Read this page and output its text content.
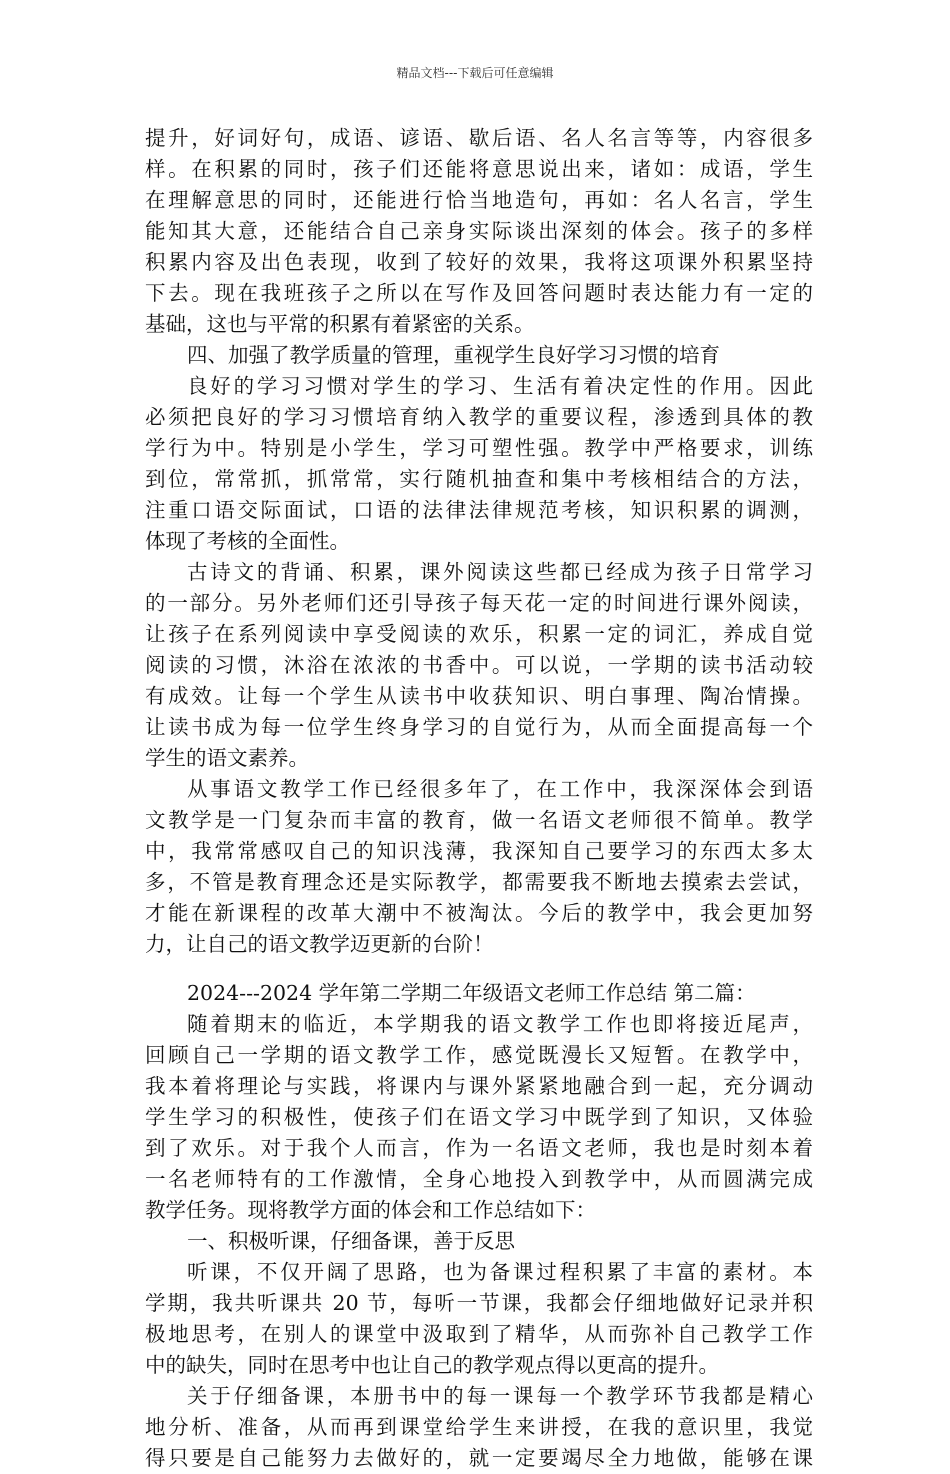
精品文档---下载后可任意编辑
提升，好词好句，成语、谚语、歇后语、名人名言等等，内容很多
样。在积累的同时，孩子们还能将意思说出来，诸如：成语，学生
在理解意思的同时，还能进行恰当地造句，再如：名人名言，学生
能知其大意，还能结合自己亲身实际谈出深刻的体会。孩子的多样
积累内容及出色表现，收到了较好的效果，我将这项课外积累坚持
下去。现在我班孩子之所以在写作及回答问题时表达能力有一定的
基础，这也与平常的积累有着紧密的关系。
四、加强了教学质量的管理，重视学生良好学习习惯的培育
良好的学习习惯对学生的学习、生活有着决定性的作用。因此
必须把良好的学习习惯培育纳入教学的重要议程，渗透到具体的教
学行为中。特别是小学生，学习可塑性强。教学中严格要求，训练
到位，常常抓，抓常常，实行随机抽查和集中考核相结合的方法，
注重口语交际面试，口语的法律法律规范考核，知识积累的调测，
体现了考核的全面性。
古诗文的背诵、积累，课外阅读这些都已经成为孩子日常学习
的一部分。另外老师们还引导孩子每天花一定的时间进行课外阅读，
让孩子在系列阅读中享受阅读的欢乐，积累一定的词汇，养成自觉
阅读的习惯，沐浴在浓浓的书香中。可以说，一学期的读书活动较
有成效。让每一个学生从读书中收获知识、明白事理、陶冶情操。
让读书成为每一位学生终身学习的自觉行为，从而全面提高每一个
学生的语文素养。
从事语文教学工作已经很多年了，在工作中，我深深体会到语
文教学是一门复杂而丰富的教育，做一名语文老师很不简单。教学
中，我常常感叹自己的知识浅薄，我深知自己要学习的东西太多太
多，不管是教育理念还是实际教学，都需要我不断地去摸索去尝试，
才能在新课程的改革大潮中不被淘汰。今后的教学中，我会更加努
力，让自己的语文教学迈更新的台阶！
2024---2024 学年第二学期二年级语文老师工作总结 第二篇：
随着期末的临近，本学期我的语文教学工作也即将接近尾声，
回顾自己一学期的语文教学工作，感觉既漫长又短暂。在教学中，
我本着将理论与实践，将课内与课外紧紧地融合到一起，充分调动
学生学习的积极性，使孩子们在语文学习中既学到了知识，又体验
到了欢乐。对于我个人而言，作为一名语文老师，我也是时刻本着
一名老师特有的工作激情，全身心地投入到教学中，从而圆满完成
教学任务。现将教学方面的体会和工作总结如下：
一、积极听课，仔细备课，善于反思
听课，不仅开阔了思路，也为备课过程积累了丰富的素材。本
学期，我共听课共 20 节，每听一节课，我都会仔细地做好记录并积
极地思考，在别人的课堂中汲取到了精华，从而弥补自己教学工作
中的缺失，同时在思考中也让自己的教学观点得以更高的提升。
关于仔细备课，本册书中的每一课每一个教学环节我都是精心
地分析、准备，从而再到课堂给学生来讲授，在我的意识里，我觉
得只要是自己能努力去做好的，就一定要竭尽全力地做，能够在课
